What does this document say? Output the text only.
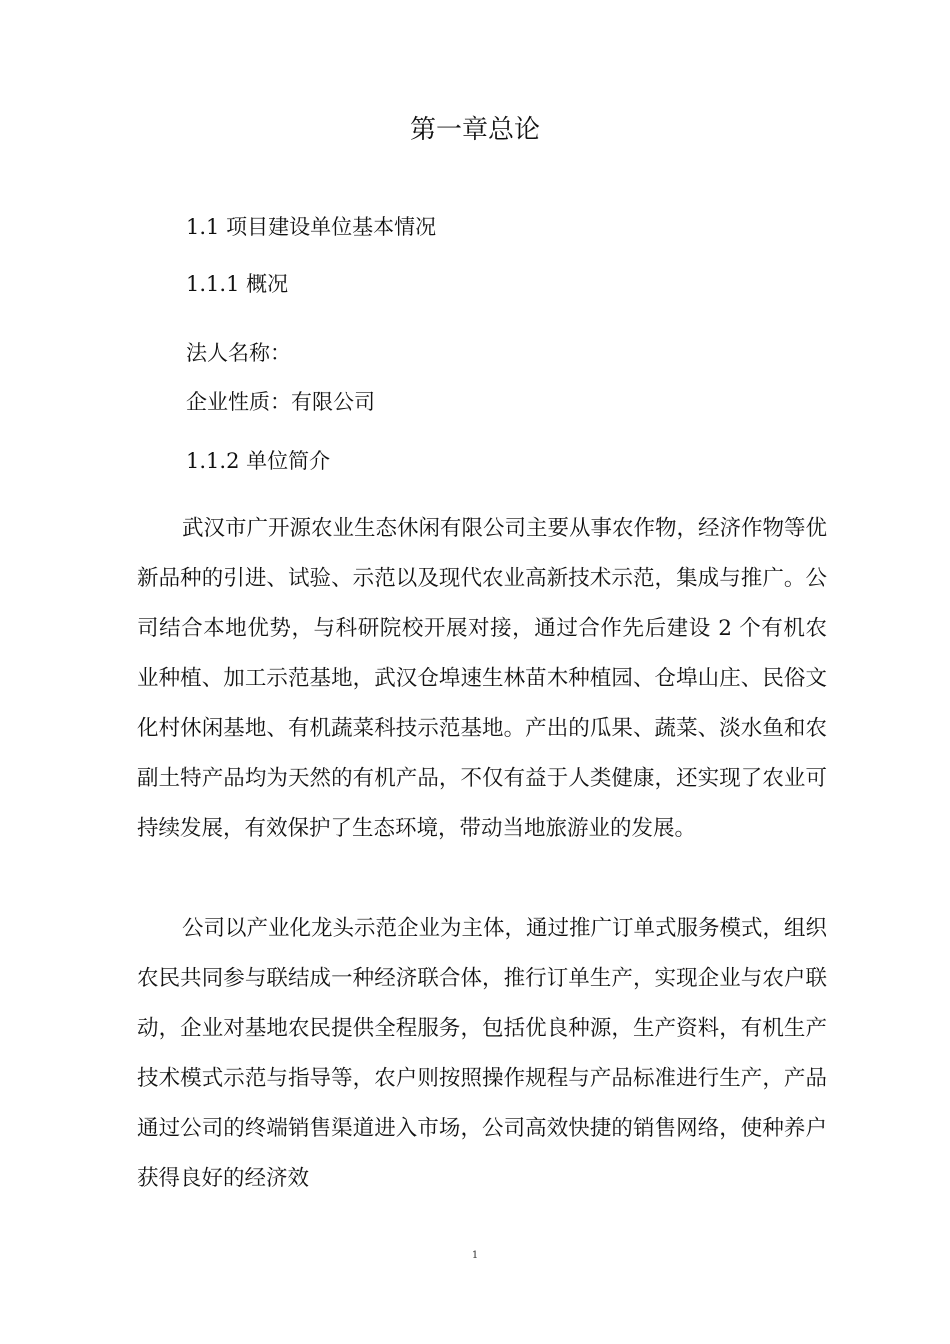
第一章总论
1.1 项目建设单位基本情况
1.1.1 概况
法人名称：
企业性质：有限公司
1.1.2 单位简介

武汉市广开源农业生态休闲有限公司主要从事农作物，经济作物等优新品种的引进、试验、示范以及现代农业高新技术示范，集成与推广。公司结合本地优势，与科研院校开展对接，通过合作先后建设 2 个有机农业种植、加工示范基地，武汉仓埠速生林苗木种植园、仓埠山庄、民俗文化村休闲基地、有机蔬菜科技示范基地。产出的瓜果、蔬菜、淡水鱼和农副土特产品均为天然的有机产品，不仅有益于人类健康，还实现了农业可持续发展，有效保护了生态环境，带动当地旅游业的发展。

公司以产业化龙头示范企业为主体，通过推广订单式服务模式，组织农民共同参与联结成一种经济联合体，推行订单生产，实现企业与农户联动，企业对基地农民提供全程服务，包括优良种源，生产资料，有机生产技术模式示范与指导等，农户则按照操作规程与产品标准进行生产，产品通过公司的终端销售渠道进入市场，公司高效快捷的销售网络，使种养户获得良好的经济效

1
